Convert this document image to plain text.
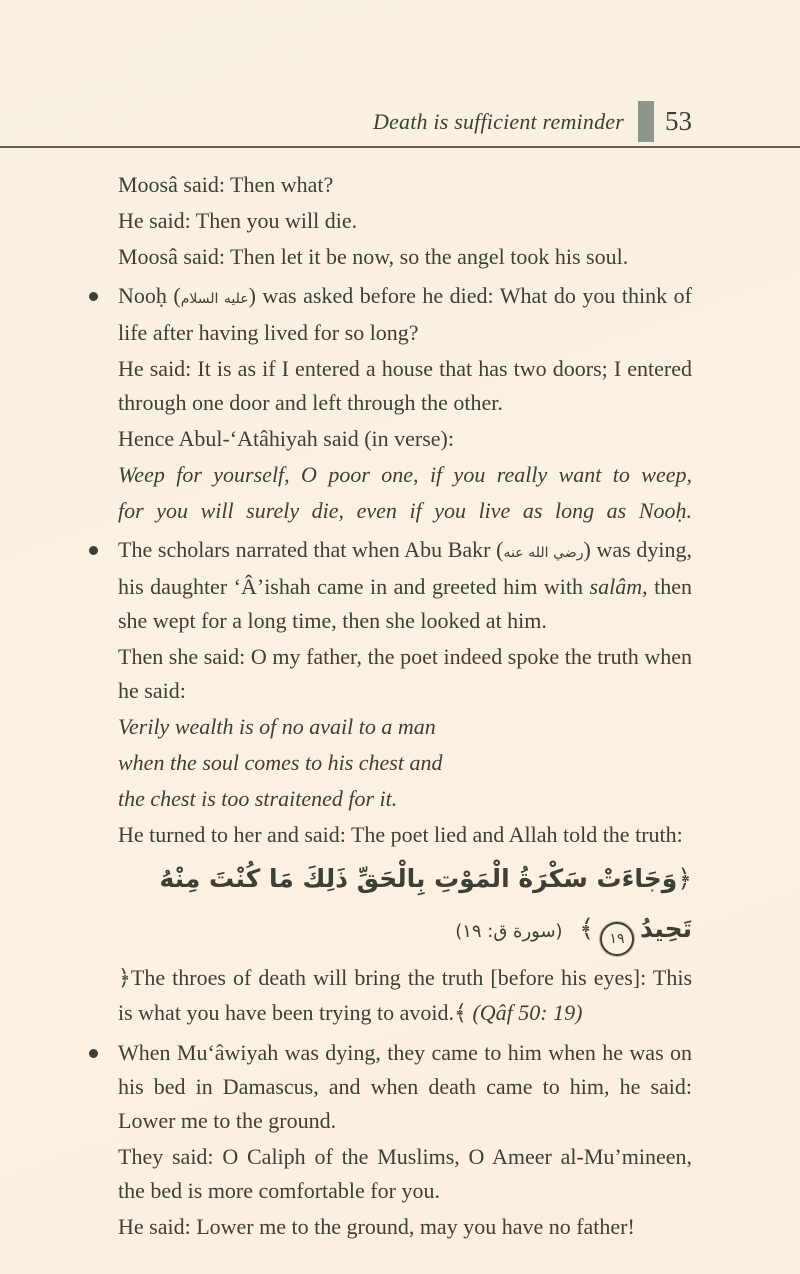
Death is sufficient reminder 53

Moosâ said: Then what?

He said: Then you will die.

Moosâ said: Then let it be now, so the angel took his soul.

Nooḥ (عليه السلام) was asked before he died: What do you think of life after having lived for so long?

He said: It is as if I entered a house that has two doors; I entered through one door and left through the other.

Hence Abul-‘Atâhiyah said (in verse):

Weep for yourself, O poor one, if you really want to weep,
for you will surely die, even if you live as long as Nooḥ.

The scholars narrated that when Abu Bakr (رضي الله عنه) was dying, his daughter ‘Â’ishah came in and greeted him with salâm, then she wept for a long time, then she looked at him.

Then she said: O my father, the poet indeed spoke the truth when he said:

Verily wealth is of no avail to a man
when the soul comes to his chest and
the chest is too straitened for it.

He turned to her and said: The poet lied and Allah told the truth:

﴿وَجَاءَتْ سَكْرَةُ الْمَوْتِ بِالْحَقِّ ذَلِكَ مَا كُنْتَ مِنْهُ تَحِيدُ١٩﴾ (سورة ق: ١٩)

﴿The throes of death will bring the truth [before his eyes]: This is what you have been trying to avoid.﴾ (Qâf 50: 19)

When Mu‘âwiyah was dying, they came to him when he was on his bed in Damascus, and when death came to him, he said: Lower me to the ground.

They said: O Caliph of the Muslims, O Ameer al-Mu’mineen, the bed is more comfortable for you.

He said: Lower me to the ground, may you have no father!
